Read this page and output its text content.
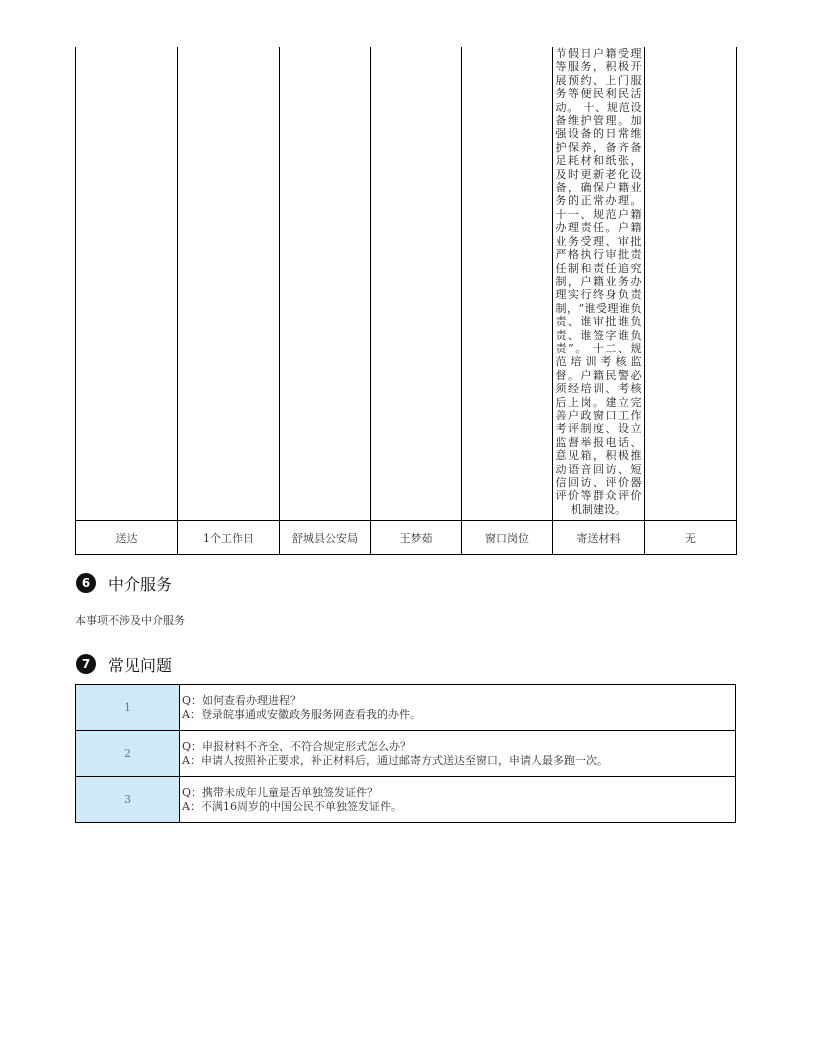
					节假日户籍受理等服务，积极开展预约、上门服务等便民利民活动。 十、规范设备维护管理。加强设备的日常维护保养，备齐备足耗材和纸张，及时更新老化设备，确保户籍业务的正常办理。 十一、规范户籍办理责任。户籍业务受理、审批严格执行审批责任制和责任追究制，户籍业务办理实行终身负责制，“谁受理谁负责、谁审批谁负责、谁签字谁负责”。 十二、规范培训考核监督。户籍民警必须经培训、考核后上岗。建立完善户政窗口工作考评制度、设立监督举报电话、意见箱，积极推动语音回访、短信回访、评价器评价等群众评价机制建设。	

送达	1个工作日	舒城县公安局	王梦茹	窗口岗位	寄送材料	无
6	中介服务
本事项不涉及中介服务
7	常见问题
1	Q：如何查看办理进程？
A：登录皖事通或安徽政务服务网查看我的办件。

2	Q：申报材料不齐全、不符合规定形式怎么办？
A：申请人按照补正要求，补正材料后，通过邮寄方式送达至窗口，申请人最多跑一次。

3	Q：携带未成年儿童是否单独签发证件？
A：不满16周岁的中国公民不单独签发证件。
